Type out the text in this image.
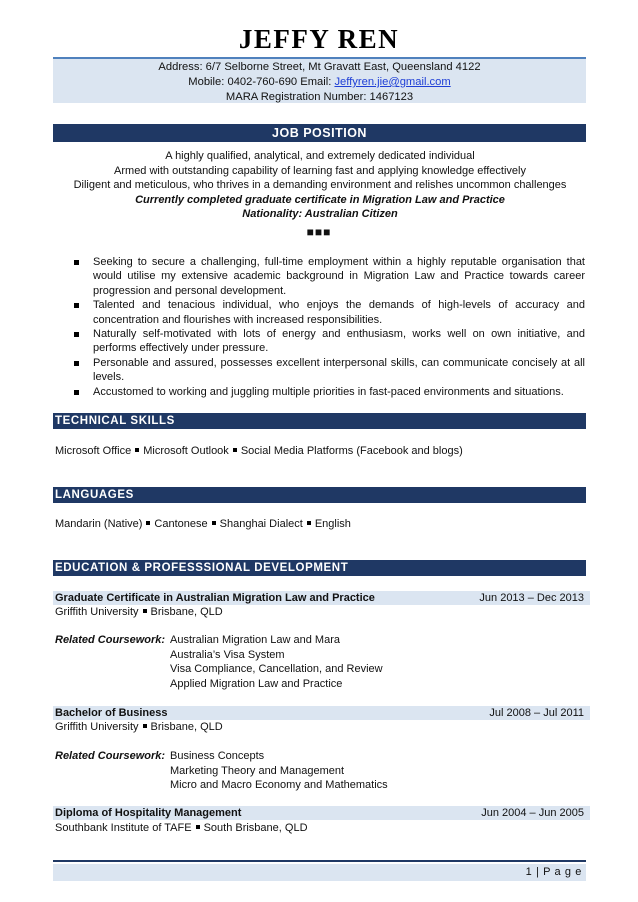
JEFFY REN
Address: 6/7 Selborne Street, Mt Gravatt East, Queensland 4122
Mobile: 0402-760-690 Email: Jeffyren.jie@gmail.com
MARA Registration Number: 1467123
JOB POSITION
A highly qualified, analytical, and extremely dedicated individual
Armed with outstanding capability of learning fast and applying knowledge effectively
Diligent and meticulous, who thrives in a demanding environment and relishes uncommon challenges
Currently completed graduate certificate in Migration Law and Practice
Nationality: Australian Citizen
■■■
Seeking to secure a challenging, full-time employment within a highly reputable organisation that would utilise my extensive academic background in Migration Law and Practice towards career progression and personal development.
Talented and tenacious individual, who enjoys the demands of high-levels of accuracy and concentration and flourishes with increased responsibilities.
Naturally self-motivated with lots of energy and enthusiasm, works well on own initiative, and performs effectively under pressure.
Personable and assured, possesses excellent interpersonal skills, can communicate concisely at all levels.
Accustomed to working and juggling multiple priorities in fast-paced environments and situations.
TECHNICAL SKILLS
Microsoft Office Microsoft Outlook Social Media Platforms (Facebook and blogs)
LANGUAGES
Mandarin (Native) Cantonese Shanghai Dialect English
EDUCATION & PROFESSSIONAL DEVELOPMENT
Graduate Certificate in Australian Migration Law and Practice	Jun 2013 – Dec 2013
Griffith University Brisbane, QLD
Related Coursework: Australian Migration Law and Mara
Australia’s Visa System
Visa Compliance, Cancellation, and Review
Applied Migration Law and Practice
Bachelor of Business	Jul 2008 – Jul 2011
Griffith University Brisbane, QLD
Related Coursework: Business Concepts
Marketing Theory and Management
Micro and Macro Economy and Mathematics
Diploma of Hospitality Management	Jun 2004 – Jun 2005
Southbank Institute of TAFE South Brisbane, QLD
1 | P a g e
